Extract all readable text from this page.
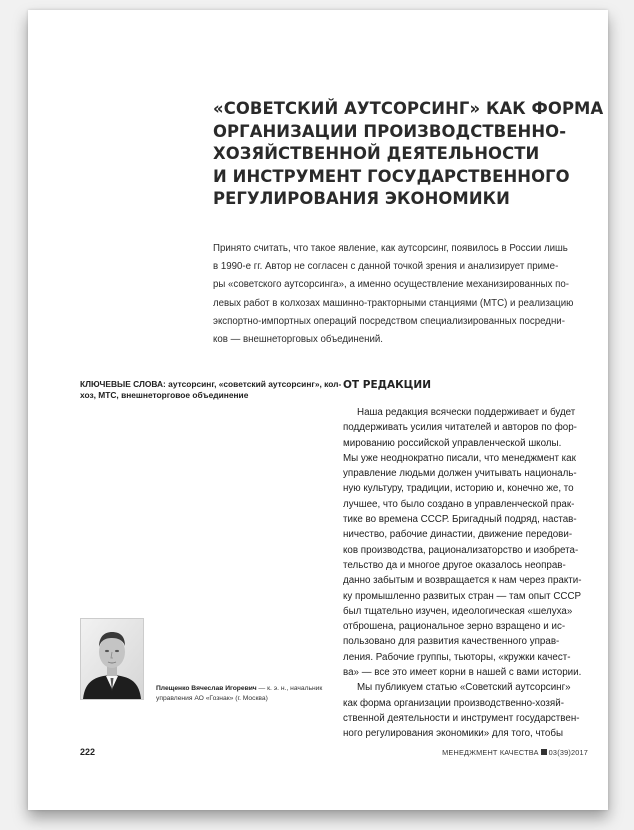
«СОВЕТСКИЙ АУТСОРСИНГ» КАК ФОРМА
ОРГАНИЗАЦИИ ПРОИЗВОДСТВЕННО-
ХОЗЯЙСТВЕННОЙ ДЕЯТЕЛЬНОСТИ
И ИНСТРУМЕНТ ГОСУДАРСТВЕННОГО
РЕГУЛИРОВАНИЯ ЭКОНОМИКИ
Принято считать, что такое явление, как аутсорсинг, появилось в России лишь
в 1990-е гг. Автор не согласен с данной точкой зрения и анализирует приме-
ры «советского аутсорсинга», а именно осуществление механизированных по-
левых работ в колхозах машинно-тракторными станциями (МТС) и реализацию
экспортно-импортных операций посредством специализированных посредни-
ков — внешнеторговых объединений.
КЛЮЧЕВЫЕ СЛОВА: аутсорсинг, «советский аутсорсинг», кол-
хоз, МТС, внешнеторговое объединение
ОТ РЕДАКЦИИ
Наша редакция всячески поддерживает и будет
поддерживать усилия читателей и авторов по фор-
мированию российской управленческой школы.
Мы уже неоднократно писали, что менеджмент как
управление людьми должен учитывать националь-
ную культуру, традиции, историю и, конечно же, то
лучшее, что было создано в управленческой прак-
тике во времена СССР. Бригадный подряд, настав-
ничество, рабочие династии, движение передови-
ков производства, рационализаторство и изобрета-
тельство да и многое другое оказалось неоправ-
данно забытым и возвращается к нам через практи-
ку промышленно развитых стран — там опыт СССР
был тщательно изучен, идеологическая «шелуха»
отброшена, рациональное зерно взращено и ис-
пользовано для развития качественного управ-
ления. Рабочие группы, тьюторы, «кружки качест-
ва» — все это имеет корни в нашей с вами истории.
Мы публикуем статью «Советский аутсорсинг»
как форма организации производственно-хозяй-
ственной деятельности и инструмент государствен-
ного регулирования экономики» для того, чтобы
Плещенко Вячеслав Игоревич — к. э. н., начальник
управления АО «Гознак» (г. Москва)
222	МЕНЕДЖМЕНТ КАЧЕСТВА 03(39)2017
